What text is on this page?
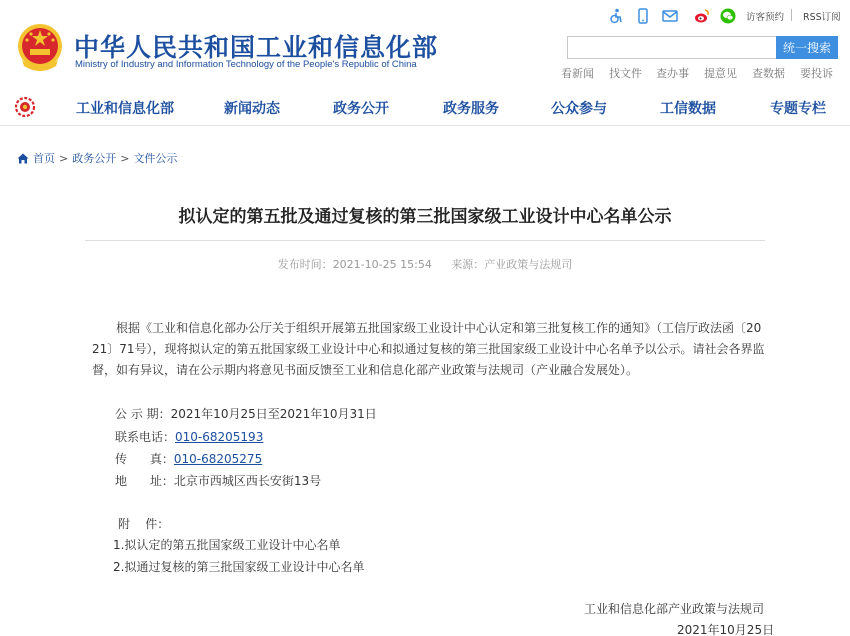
中华人民共和国工业和信息化部
Ministry of Industry and Information Technology of the People's Republic of China
访客预约 RSS订阅
统一搜索
看新闻 找文件 查办事 提意见 查数据 要投诉
工业和信息化部	新闻动态	政务公开	政务服务	公众参与	工信数据	专题专栏
首页 > 政务公开 > 文件公示
拟认定的第五批及通过复核的第三批国家级工业设计中心名单公示
发布时间：2021-10-25 15:54 来源：产业政策与法规司
根据《工业和信息化部办公厅关于组织开展第五批国家级工业设计中心认定和第三批复核工作的通知》（工信厅政法函〔20
21〕71号），现将拟认定的第五批国家级工业设计中心和拟通过复核的第三批国家级工业设计中心名单予以公示。请社会各界监
督，如有异议，请在公示期内将意见书面反馈至工业和信息化部产业政策与法规司（产业融合发展处）。
公 示 期：2021年10月25日至2021年10月31日
联系电话：010-68205193
传      真：010-68205275
地      址：北京市西城区西长安街13号
附    件：
1.拟认定的第五批国家级工业设计中心名单
2.拟通过复核的第三批国家级工业设计中心名单
工业和信息化部产业政策与法规司
2021年10月25日
